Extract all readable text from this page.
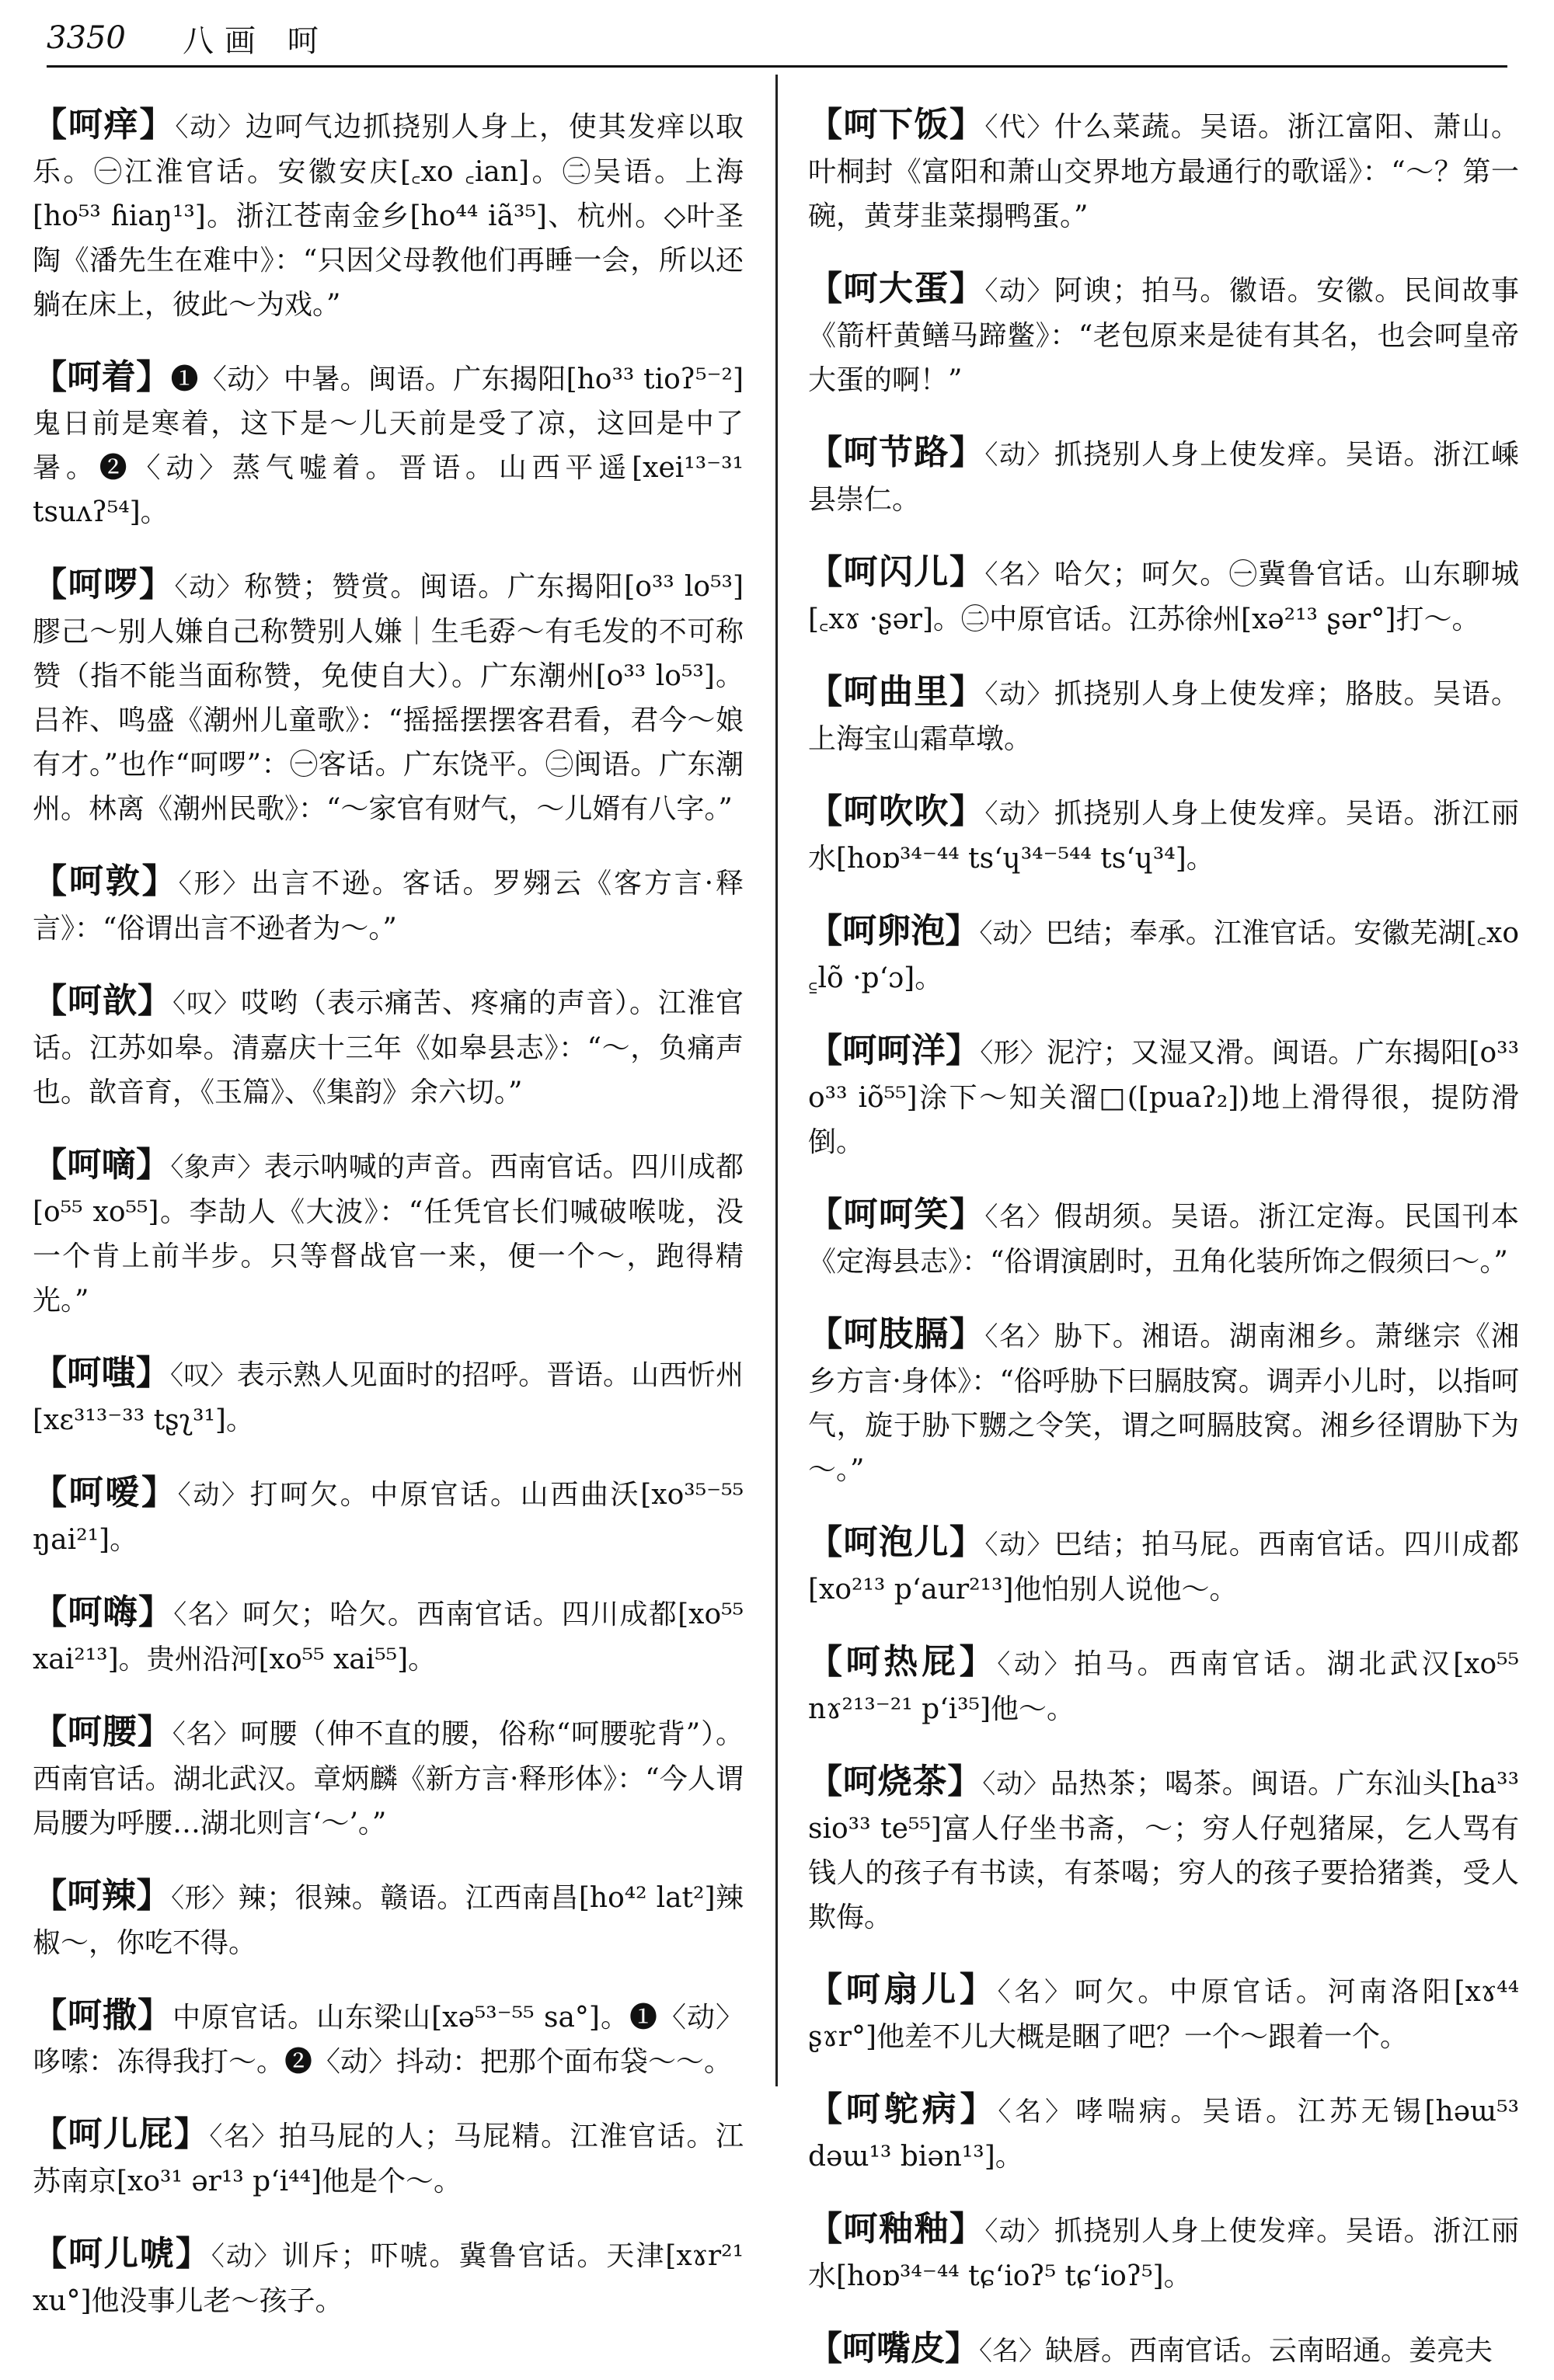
3350	八画 呵

【呵痒】〈动〉边呵气边抓挠别人身上，使其发痒以取乐。㊀江淮官话。安徽安庆[꜀xo ꜀ian]。㊁吴语。上海[ho⁵³ ɦiaŋ¹³]。浙江苍南金乡[ho⁴⁴ iã³⁵]、杭州。◇叶圣陶《潘先生在难中》：“只因父母教他们再睡一会，所以还躺在床上，彼此～为戏。”

【呵着】❶〈动〉中暑。闽语。广东揭阳[ho³³ tioʔ⁵⁻²]鬼日前是寒着，这下是～儿天前是受了凉，这回是中了暑。❷〈动〉蒸气嘘着。晋语。山西平遥[xei¹³⁻³¹ tsuʌʔ⁵⁴]。

【呵啰】〈动〉称赞；赞赏。闽语。广东揭阳[o³³ lo⁵³]膠己～别人嫌自己称赞别人嫌｜生毛孬～有毛发的不可称赞（指不能当面称赞，免使自大）。广东潮州[o³³ lo⁵³]。吕祚、鸣盛《潮州儿童歌》：“摇摇摆摆客君看，君今～娘有才。”也作“呵啰”：㊀客话。广东饶平。㊁闽语。广东潮州。林离《潮州民歌》：“～家官有财气，～儿婿有八字。”

【呵敦】〈形〉出言不逊。客话。罗翙云《客方言·释言》：“俗谓出言不逊者为～。”

【呵歆】〈叹〉哎哟（表示痛苦、疼痛的声音）。江淮官话。江苏如皋。清嘉庆十三年《如皋县志》：“～，负痛声也。歆音育，《玉篇》、《集韵》余六切。”

【呵嘀】〈象声〉表示呐喊的声音。西南官话。四川成都[o⁵⁵ xo⁵⁵]。李劼人《大波》：“任凭官长们喊破喉咙，没一个肯上前半步。只等督战官一来，便一个～，跑得精光。”

【呵嗤】〈叹〉表示熟人见面时的招呼。晋语。山西忻州[xɛ³¹³⁻³³ tʂʅ³¹]。

【呵嗳】〈动〉打呵欠。中原官话。山西曲沃[xo³⁵⁻⁵⁵ ŋai²¹]。

【呵嗨】〈名〉呵欠；哈欠。西南官话。四川成都[xo⁵⁵ xai²¹³]。贵州沿河[xo⁵⁵ xai⁵⁵]。

【呵腰】〈名〉呵腰（伸不直的腰，俗称“呵腰驼背”）。西南官话。湖北武汉。章炳麟《新方言·释形体》：“今人谓局腰为呼腰…湖北则言‘～’。”

【呵辣】〈形〉辣；很辣。赣语。江西南昌[ho⁴² lat²]辣椒～，你吃不得。

【呵撒】中原官话。山东梁山[xə⁵³⁻⁵⁵ sa°]。❶〈动〉哆嗦：冻得我打～。❷〈动〉抖动：把那个面布袋～～。

【呵儿屁】〈名〉拍马屁的人；马屁精。江淮官话。江苏南京[xo³¹ ər¹³ p‘i⁴⁴]他是个～。

【呵儿唬】〈动〉训斥；吓唬。冀鲁官话。天津[xɤr²¹ xu°]他没事儿老～孩子。

【呵下饭】〈代〉什么菜蔬。吴语。浙江富阳、萧山。叶桐封《富阳和萧山交界地方最通行的歌谣》：“～？第一碗，黄芽韭菜搨鸭蛋。”

【呵大蛋】〈动〉阿谀；拍马。徽语。安徽。民间故事《箭杆黄鳝马蹄鳖》：“老包原来是徒有其名，也会呵皇帝大蛋的啊！”

【呵节路】〈动〉抓挠别人身上使发痒。吴语。浙江嵊县崇仁。

【呵闪儿】〈名〉哈欠；呵欠。㊀冀鲁官话。山东聊城[꜀xɤ ·ʂər]。㊁中原官话。江苏徐州[xə²¹³ ʂər°]打～。

【呵曲里】〈动〉抓挠别人身上使发痒；胳肢。吴语。上海宝山霜草墩。

【呵吹吹】〈动〉抓挠别人身上使发痒。吴语。浙江丽水[hoɒ³⁴⁻⁴⁴ ts‘ɥ³⁴⁻⁵⁴⁴ ts‘ɥ³⁴]。

【呵卵泡】〈动〉巴结；奉承。江淮官话。安徽芜湖[꜀xo ꜁lõ ·p‘ɔ]。

【呵呵洋】〈形〉泥泞；又湿又滑。闽语。广东揭阳[o³³ o³³ iõ⁵⁵]涂下～知关溜□([puaʔ₂])地上滑得很，提防滑倒。

【呵呵笑】〈名〉假胡须。吴语。浙江定海。民国刊本《定海县志》：“俗谓演剧时，丑角化装所饰之假须曰～。”

【呵肢膈】〈名〉胁下。湘语。湖南湘乡。萧继宗《湘乡方言·身体》：“俗呼胁下曰膈肢窝。调弄小儿时，以指呵气，旋于胁下嬲之令笑，谓之呵膈肢窝。湘乡径谓胁下为～。”

【呵泡儿】〈动〉巴结；拍马屁。西南官话。四川成都[xo²¹³ p‘aur²¹³]他怕别人说他～。

【呵热屁】〈动〉拍马。西南官话。湖北武汉[xo⁵⁵ nɤ²¹³⁻²¹ p‘i³⁵]他～。

【呵烧茶】〈动〉品热茶；喝茶。闽语。广东汕头[ha³³ sio³³ te⁵⁵]富人仔坐书斋，～；穷人仔剋猪屎，乞人骂有钱人的孩子有书读，有茶喝；穷人的孩子要拾猪粪，受人欺侮。

【呵扇儿】〈名〉呵欠。中原官话。河南洛阳[xɤ⁴⁴ ʂɤr°]他差不儿大概是睏了吧？一个～跟着一个。

【呵鸵病】〈名〉哮喘病。吴语。江苏无锡[həɯ⁵³ dəɯ¹³ biən¹³]。

【呵釉釉】〈动〉抓挠别人身上使发痒。吴语。浙江丽水[hoɒ³⁴⁻⁴⁴ tɕ‘ioʔ⁵ tɕ‘ioʔ⁵]。

【呵嘴皮】〈名〉缺唇。西南官话。云南昭通。姜亮夫
